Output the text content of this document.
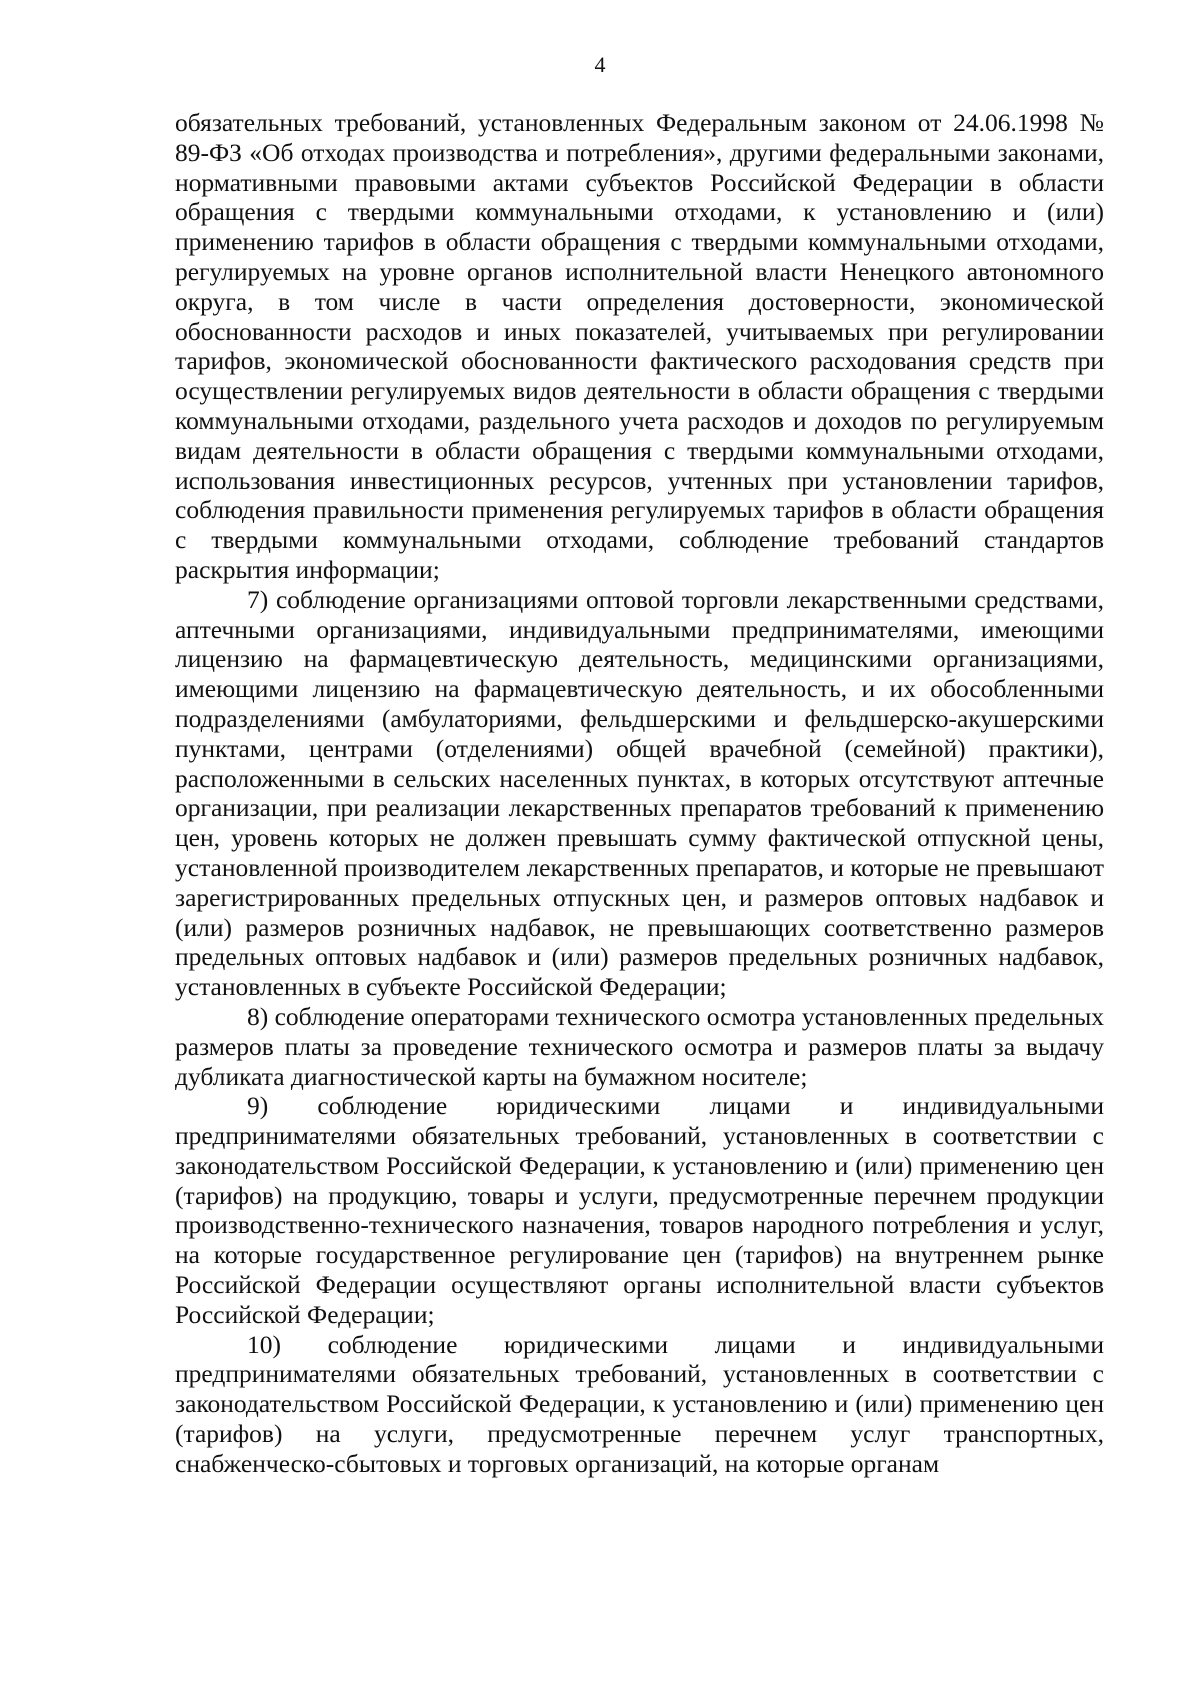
4

обязательных требований, установленных Федеральным законом от 24.06.1998 № 89-ФЗ «Об отходах производства и потребления», другими федеральными законами, нормативными правовыми актами субъектов Российской Федерации в области обращения с твердыми коммунальными отходами, к установлению и (или) применению тарифов в области обращения с твердыми коммунальными отходами, регулируемых на уровне органов исполнительной власти Ненецкого автономного округа, в том числе в части определения достоверности, экономической обоснованности расходов и иных показателей, учитываемых при регулировании тарифов, экономической обоснованности фактического расходования средств при осуществлении регулируемых видов деятельности в области обращения с твердыми коммунальными отходами, раздельного учета расходов и доходов по регулируемым видам деятельности в области обращения с твердыми коммунальными отходами, использования инвестиционных ресурсов, учтенных при установлении тарифов, соблюдения правильности применения регулируемых тарифов в области обращения с твердыми коммунальными отходами, соблюдение требований стандартов раскрытия информации;

7) соблюдение организациями оптовой торговли лекарственными средствами, аптечными организациями, индивидуальными предпринимателями, имеющими лицензию на фармацевтическую деятельность, медицинскими организациями, имеющими лицензию на фармацевтическую деятельность, и их обособленными подразделениями (амбулаториями, фельдшерскими и фельдшерско-акушерскими пунктами, центрами (отделениями) общей врачебной (семейной) практики), расположенными в сельских населенных пунктах, в которых отсутствуют аптечные организации, при реализации лекарственных препаратов требований к применению цен, уровень которых не должен превышать сумму фактической отпускной цены, установленной производителем лекарственных препаратов, и которые не превышают зарегистрированных предельных отпускных цен, и размеров оптовых надбавок и (или) размеров розничных надбавок, не превышающих соответственно размеров предельных оптовых надбавок и (или) размеров предельных розничных надбавок, установленных в субъекте Российской Федерации;

8) соблюдение операторами технического осмотра установленных предельных размеров платы за проведение технического осмотра и размеров платы за выдачу дубликата диагностической карты на бумажном носителе;

9) соблюдение юридическими лицами и индивидуальными предпринимателями обязательных требований, установленных в соответствии с законодательством Российской Федерации, к установлению и (или) применению цен (тарифов) на продукцию, товары и услуги, предусмотренные перечнем продукции производственно-технического назначения, товаров народного потребления и услуг, на которые государственное регулирование цен (тарифов) на внутреннем рынке Российской Федерации осуществляют органы исполнительной власти субъектов Российской Федерации;

10) соблюдение юридическими лицами и индивидуальными предпринимателями обязательных требований, установленных в соответствии с законодательством Российской Федерации, к установлению и (или) применению цен (тарифов) на услуги, предусмотренные перечнем услуг транспортных, снабженческо-сбытовых и торговых организаций, на которые органам
